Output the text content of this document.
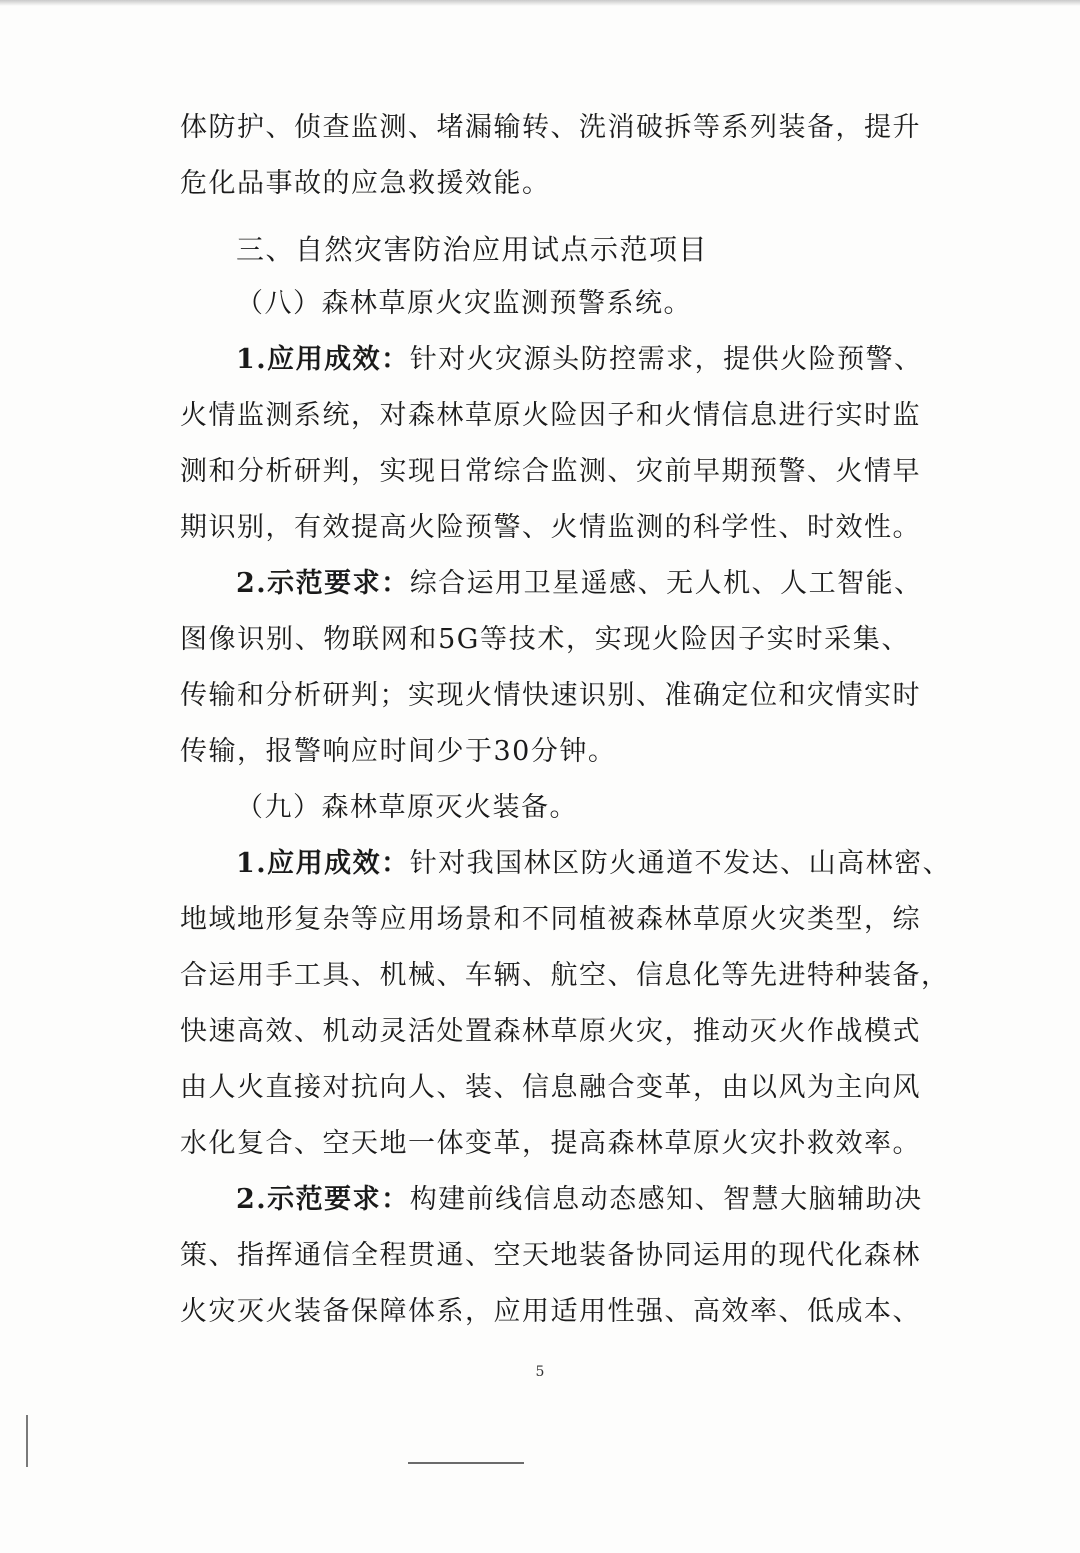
体防护、侦查监测、堵漏输转、洗消破拆等系列装备，提升
危化品事故的应急救援效能。
三、自然灾害防治应用试点示范项目
（八）森林草原火灾监测预警系统。
1.应用成效：针对火灾源头防控需求，提供火险预警、
火情监测系统，对森林草原火险因子和火情信息进行实时监
测和分析研判，实现日常综合监测、灾前早期预警、火情早
期识别，有效提高火险预警、火情监测的科学性、时效性。
2.示范要求：综合运用卫星遥感、无人机、人工智能、
图像识别、物联网和5G等技术，实现火险因子实时采集、
传输和分析研判；实现火情快速识别、准确定位和灾情实时
传输，报警响应时间少于30分钟。
（九）森林草原灭火装备。
1.应用成效：针对我国林区防火通道不发达、山高林密、
地域地形复杂等应用场景和不同植被森林草原火灾类型，综
合运用手工具、机械、车辆、航空、信息化等先进特种装备，
快速高效、机动灵活处置森林草原火灾，推动灭火作战模式
由人火直接对抗向人、装、信息融合变革，由以风为主向风
水化复合、空天地一体变革，提高森林草原火灾扑救效率。
2.示范要求：构建前线信息动态感知、智慧大脑辅助决
策、指挥通信全程贯通、空天地装备协同运用的现代化森林
火灾灭火装备保障体系，应用适用性强、高效率、低成本、
5
